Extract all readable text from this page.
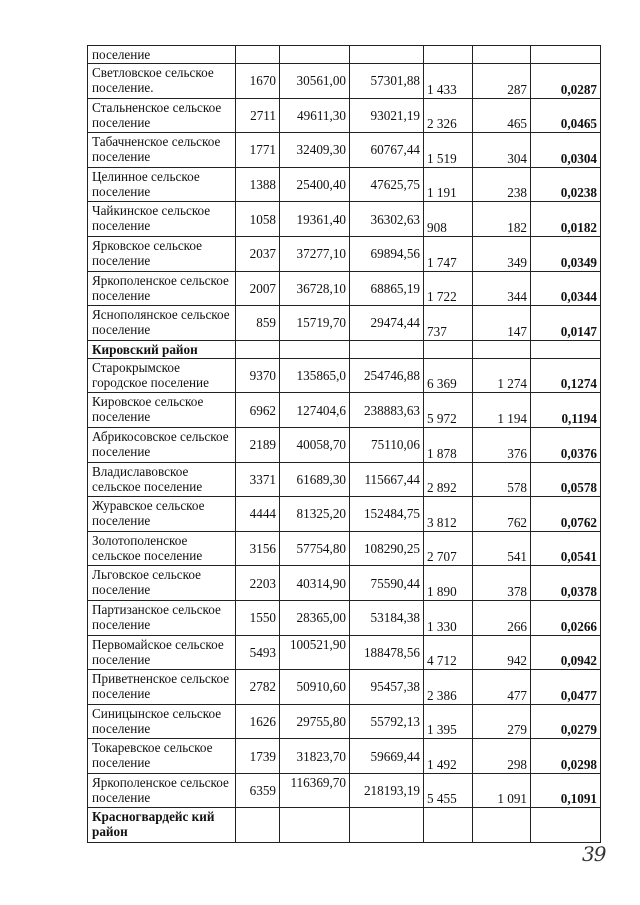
поселение						
Светловское сельское поселение.	1670	30561,00	57301,88	1 433	287	0,0287
Стальненское сельское поселение	2711	49611,30	93021,19	2 326	465	0,0465
Табачненское сельское поселение	1771	32409,30	60767,44	1 519	304	0,0304
Целинное сельское поселение	1388	25400,40	47625,75	1 191	238	0,0238
Чайкинское сельское поселение	1058	19361,40	36302,63	908	182	0,0182
Ярковское сельское поселение	2037	37277,10	69894,56	1 747	349	0,0349
Яркополенское сельское поселение	2007	36728,10	68865,19	1 722	344	0,0344
Яснополянское сельское поселение	859	15719,70	29474,44	737	147	0,0147
Кировский район						
Старокрымское городское поселение	9370	135865,0	254746,88	6 369	1 274	0,1274
Кировское сельское поселение	6962	127404,6	238883,63	5 972	1 194	0,1194
Абрикосовское сельское поселение	2189	40058,70	75110,06	1 878	376	0,0376
Владиславовское сельское поселение	3371	61689,30	115667,44	2 892	578	0,0578
Журавское сельское поселение	4444	81325,20	152484,75	3 812	762	0,0762
Золотополенское сельское поселение	3156	57754,80	108290,25	2 707	541	0,0541
Льговское сельское поселение	2203	40314,90	75590,44	1 890	378	0,0378
Партизанское сельское поселение	1550	28365,00	53184,38	1 330	266	0,0266
Первомайское сельское поселение	5493	100521,90	188478,56	4 712	942	0,0942
Приветненское сельское поселение	2782	50910,60	95457,38	2 386	477	0,0477
Синицынское сельское поселение	1626	29755,80	55792,13	1 395	279	0,0279
Токаревское сельское поселение	1739	31823,70	59669,44	1 492	298	0,0298
Яркополенское сельское поселение	6359	116369,70	218193,19	5 455	1 091	0,1091
Красногвардейс кий район						
39
